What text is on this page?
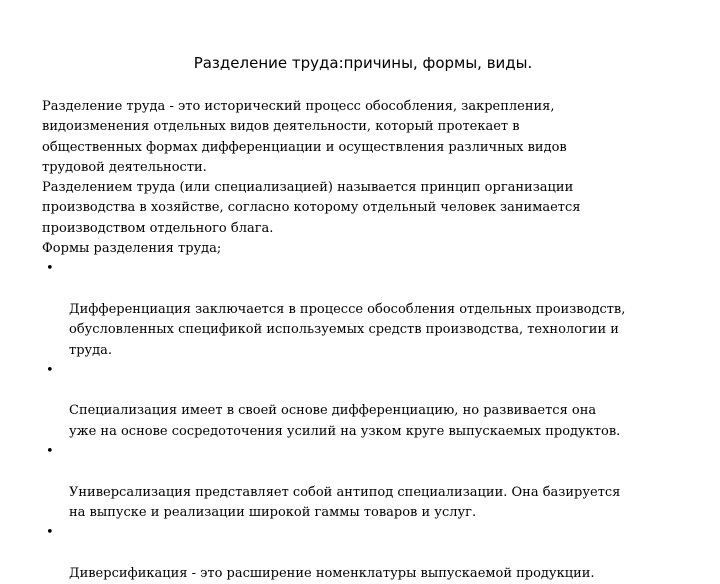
Разделение труда:причины, формы, виды.

Разделение труда - это исторический процесс обособления, закрепления,
видоизменения отдельных видов деятельности, который протекает в
общественных формах дифференциации и осуществления различных видов
трудовой деятельности.

Разделением труда (или специализацией) называется принцип организации
производства в хозяйстве, согласно которому отдельный человек занимается
производством отдельного блага.

Формы разделения труда;

•

Дифференциация заключается в процессе обособления отдельных производств,
обусловленных спецификой используемых средств производства, технологии и
труда.

•

Специализация имеет в своей основе дифференциацию, но развивается она
уже на основе сосредоточения усилий на узком круге выпускаемых продуктов.

•

Универсализация представляет собой антипод специализации. Она базируется
на выпуске и реализации широкой гаммы товаров и услуг.

•

Диверсификация - это расширение номенклатуры выпускаемой продукции.
